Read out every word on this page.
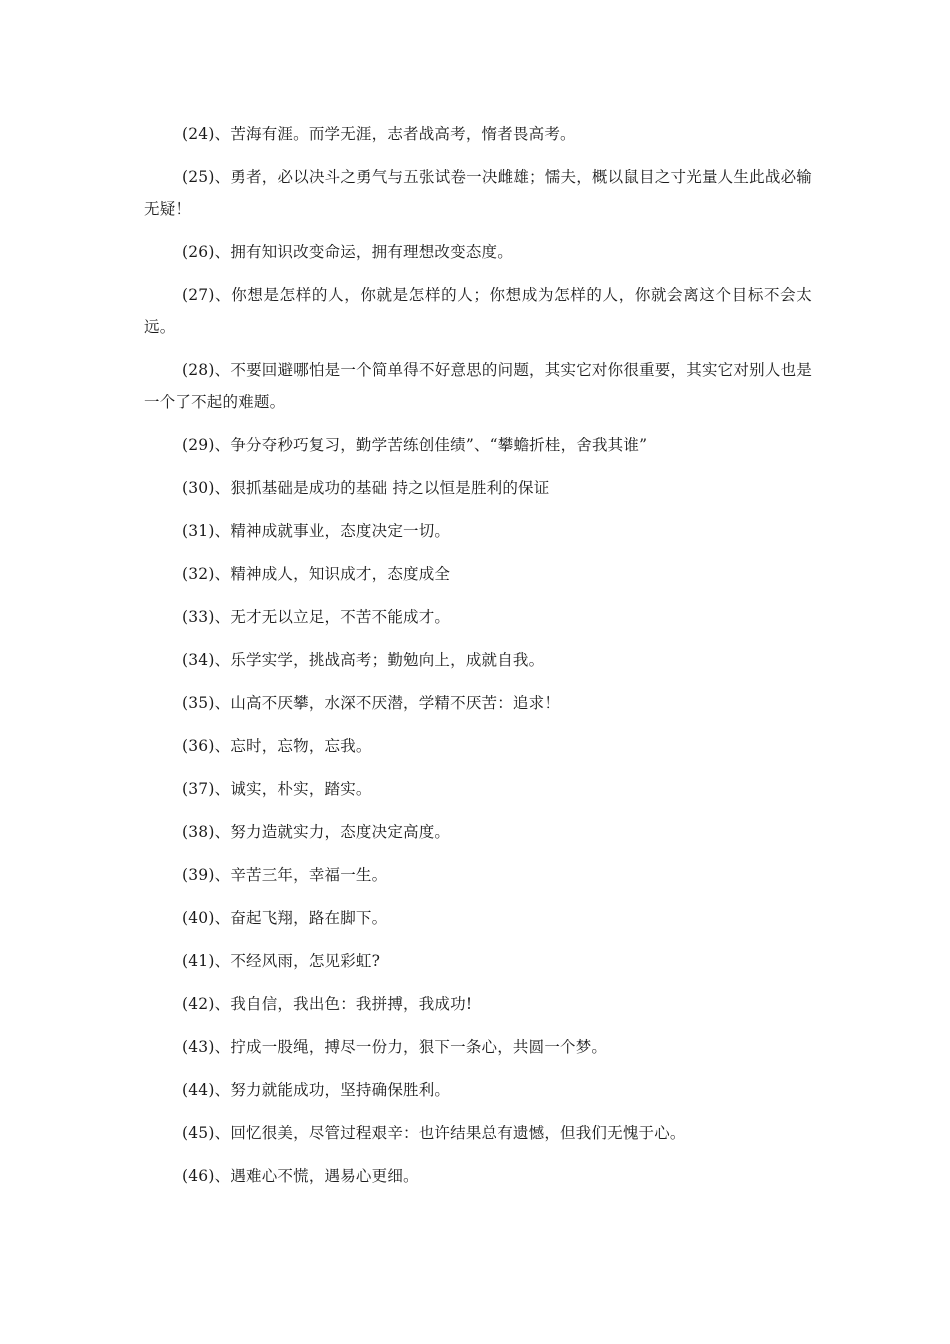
(24)、苦海有涯。而学无涯，志者战高考，惰者畏高考。

(25)、勇者，必以决斗之勇气与五张试卷一决雌雄；懦夫，概以鼠目之寸光量人生此战必输无疑！

(26)、拥有知识改变命运，拥有理想改变态度。

(27)、你想是怎样的人，你就是怎样的人；你想成为怎样的人，你就会离这个目标不会太远。

(28)、不要回避哪怕是一个简单得不好意思的问题，其实它对你很重要，其实它对别人也是一个了不起的难题。

(29)、争分夺秒巧复习，勤学苦练创佳绩”、“攀蟾折桂，舍我其谁”

(30)、狠抓基础是成功的基础 持之以恒是胜利的保证

(31)、精神成就事业，态度决定一切。

(32)、精神成人，知识成才，态度成全

(33)、无才无以立足，不苦不能成才。

(34)、乐学实学，挑战高考；勤勉向上，成就自我。

(35)、山高不厌攀，水深不厌潜，学精不厌苦：追求！

(36)、忘时，忘物，忘我。

(37)、诚实，朴实，踏实。

(38)、努力造就实力，态度决定高度。

(39)、辛苦三年，幸福一生。

(40)、奋起飞翔，路在脚下。

(41)、不经风雨，怎见彩虹?

(42)、我自信，我出色：我拼搏，我成功!

(43)、拧成一股绳，搏尽一份力，狠下一条心，共圆一个梦。

(44)、努力就能成功，坚持确保胜利。

(45)、回忆很美，尽管过程艰辛：也许结果总有遗憾，但我们无愧于心。

(46)、遇难心不慌，遇易心更细。
